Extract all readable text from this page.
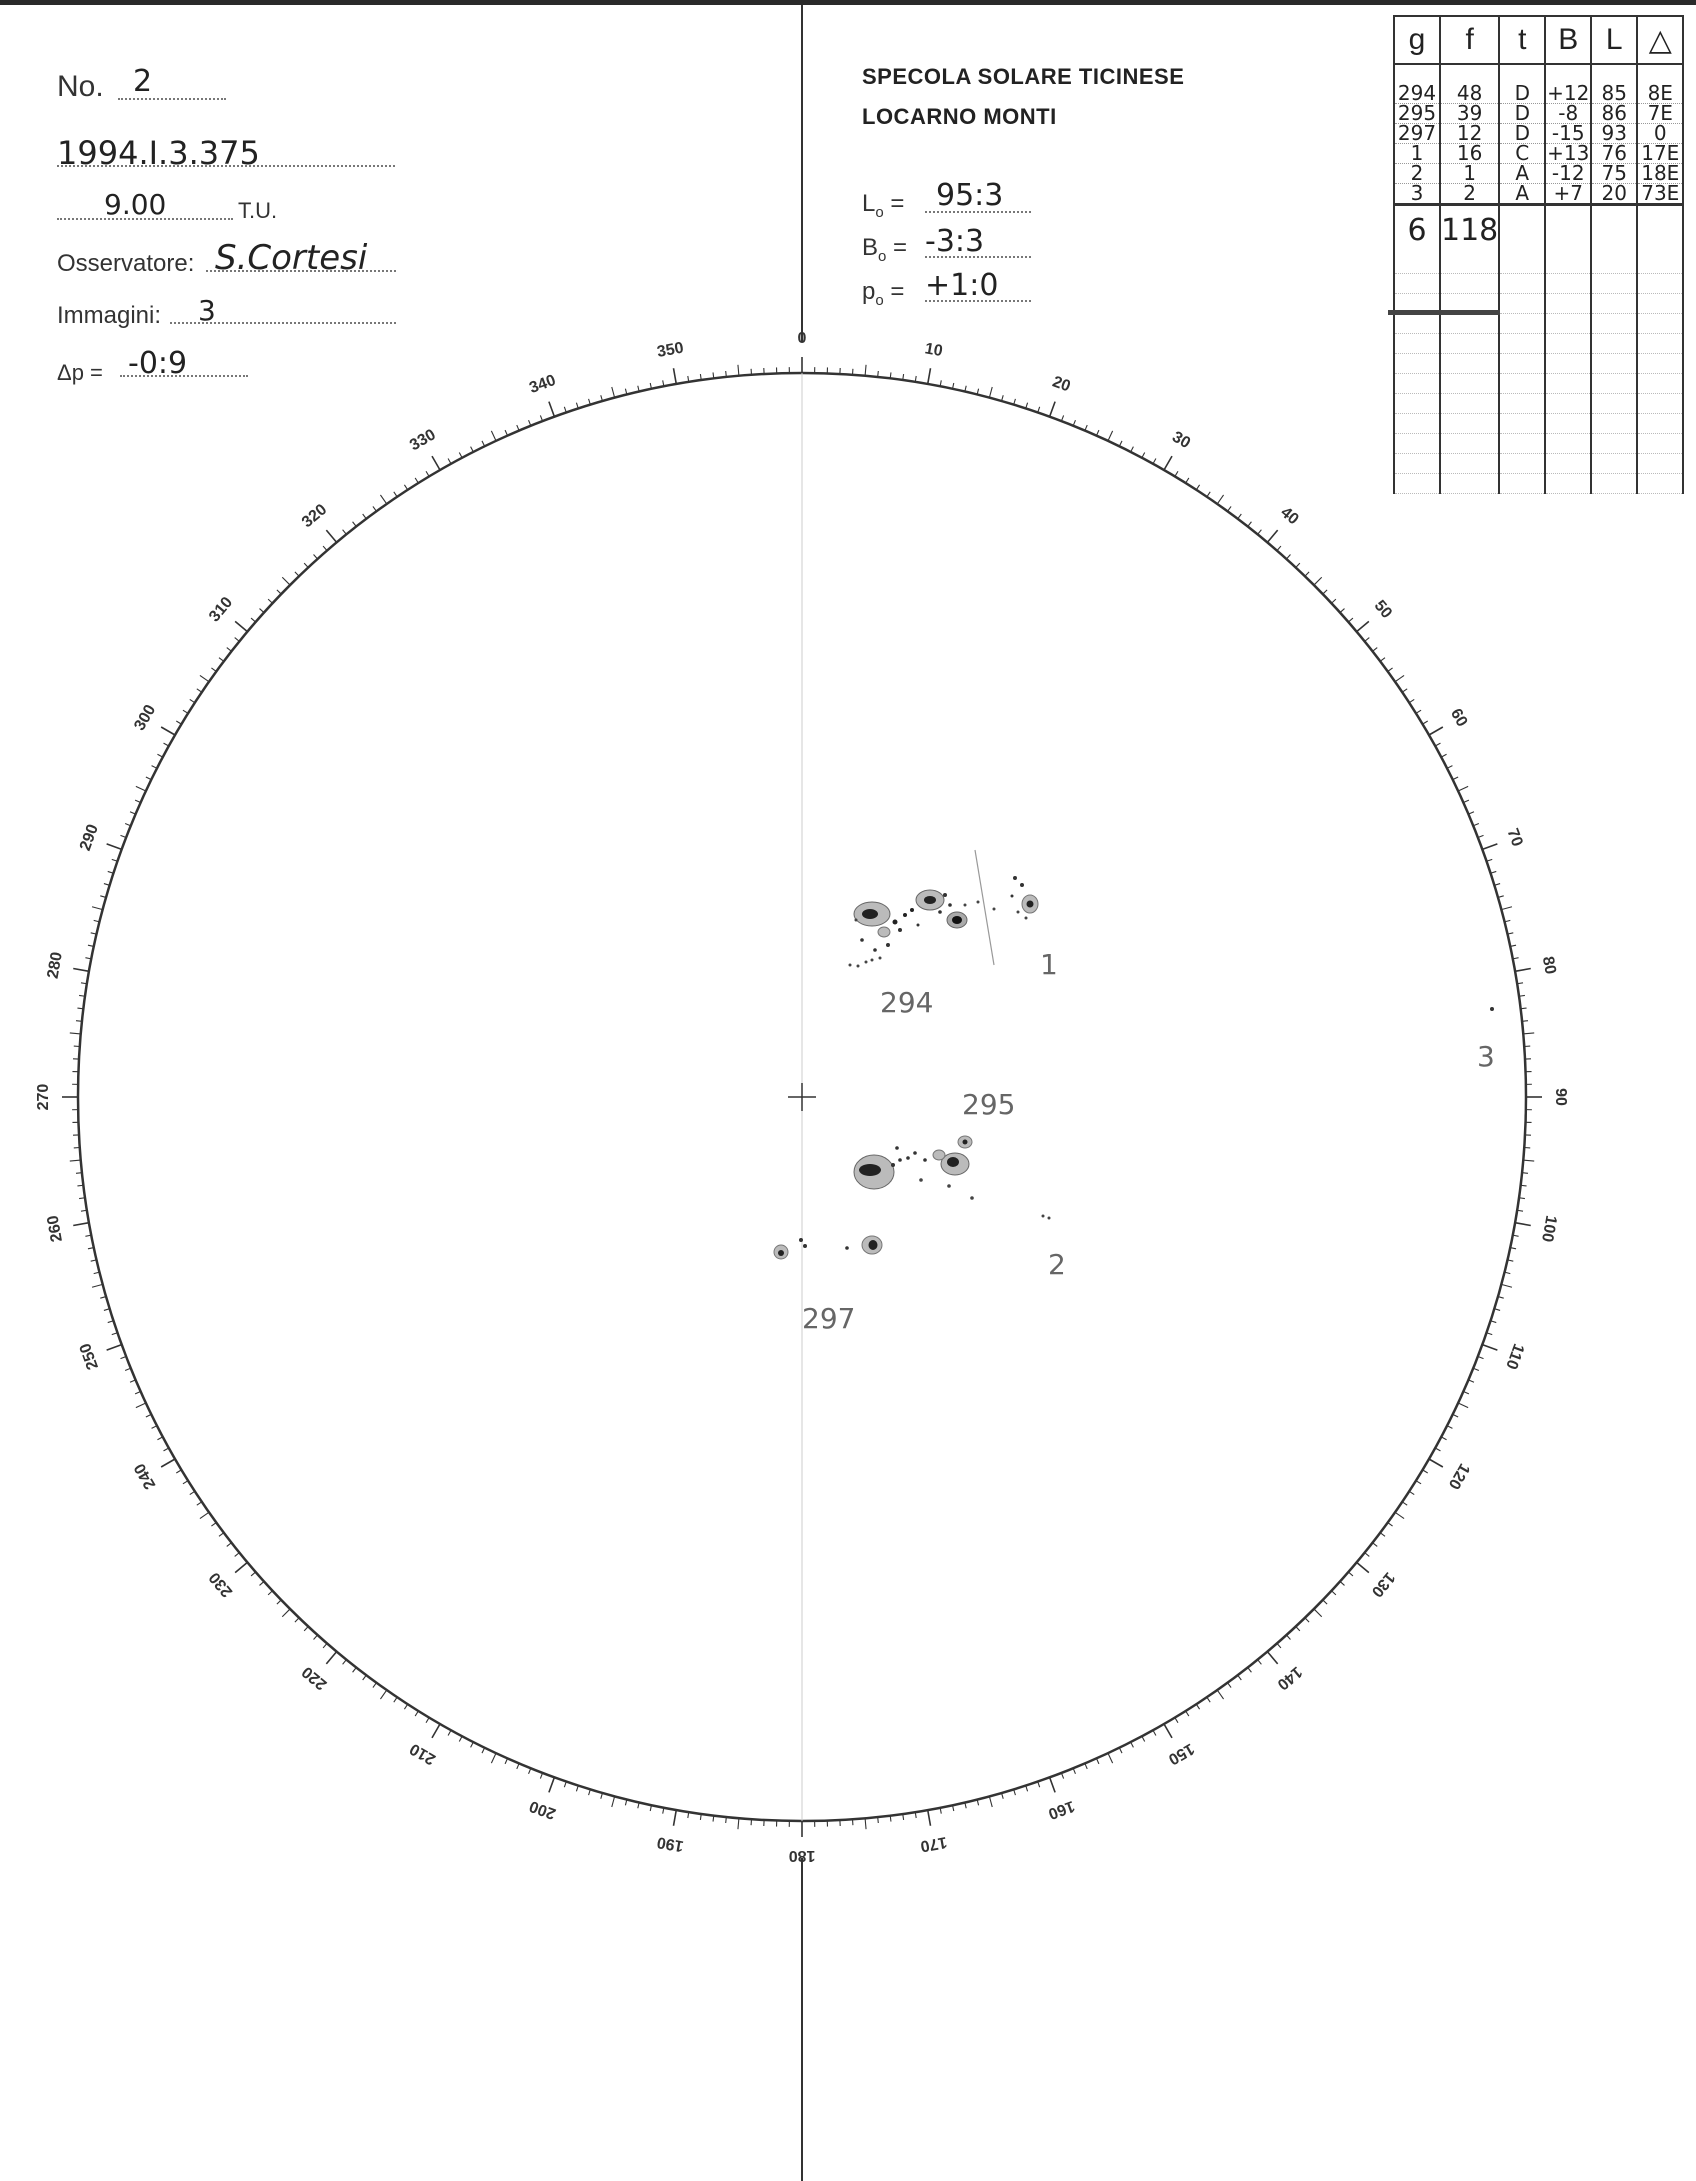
No. 2
1994.I.3.375
9.00	T.U.
Osservatore: S.Cortesi
Immagini: 3
Δp = -0:9
SPECOLA SOLARE TICINESE
LOCARNO MONTI
$L_o$ = 95:3
$B_o$ = -3:3
$p_o$ = +1:0
g	f	t	B	L	△

294	48	D	+12	85	8E
295	39	D	-8	86	7E
297	12	D	-15	93	0
1	16	C	+13	76	17E
2	1	A	-12	75	18E
3	2	A	+7	20	73E
6	118				

0
10
20
30
40
50
60
70
80
90
100
110
120
130
140
150
160
170
180
190
200
210
220
230
240
250
260
270
280
290
300
310
320
330
340
350
294
295
297
1
2
3
